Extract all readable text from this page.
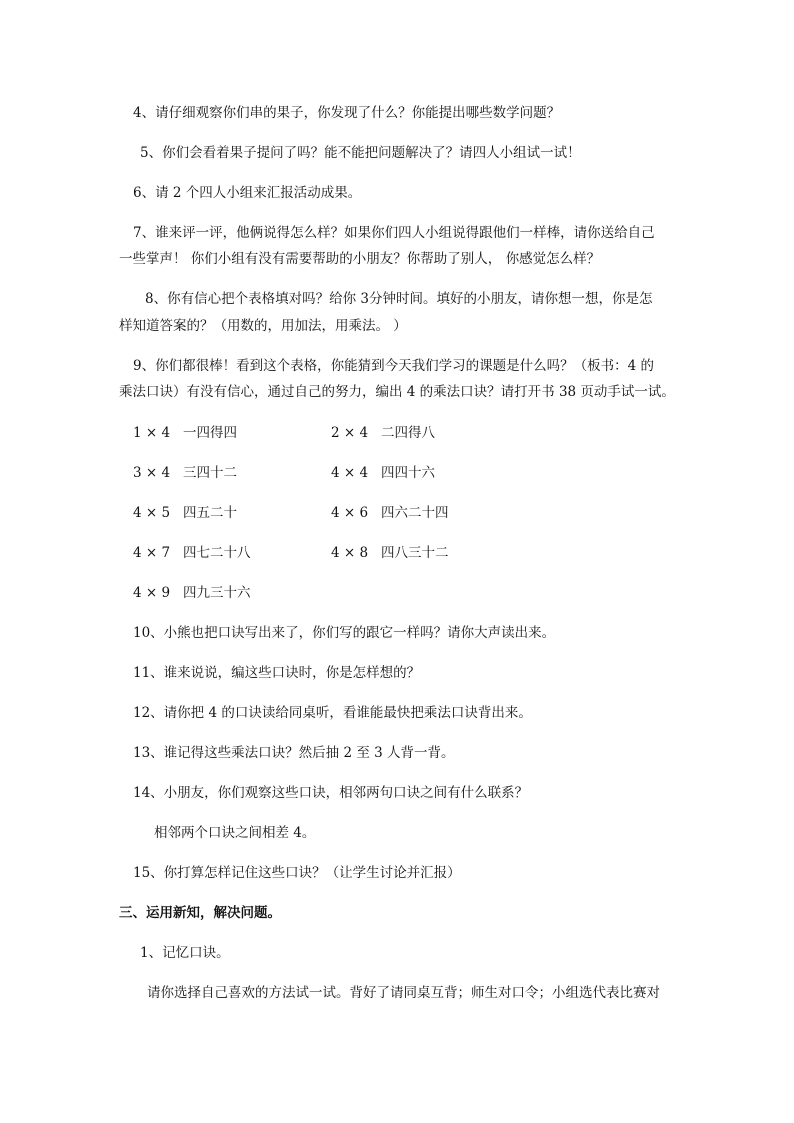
4、请仔细观察你们串的果子，你发现了什么？你能提出哪些数学问题？
5、你们会看着果子提问了吗？能不能把问题解决了？请四人小组试一试！
6、请 2 个四人小组来汇报活动成果。
7、谁来评一评，他俩说得怎么样？如果你们四人小组说得跟他们一样棒，请你送给自己
一些掌声！ 你们小组有没有需要帮助的小朋友？你帮助了别人， 你感觉怎么样？
8、你有信心把个表格填对吗？给你 3分钟时间。填好的小朋友，请你想一想，你是怎
样知道答案的？（用数的，用加法，用乘法。 ）
9、你们都很棒！看到这个表格，你能猜到今天我们学习的课题是什么吗？（板书：4 的
乘法口诀）有没有信心，通过自己的努力，编出 4 的乘法口诀？请打开书 38 页动手试一试。
1 × 4 一四得四	2 × 4 二四得八
3 × 4 三四十二	4 × 4 四四十六
4 × 5 四五二十	4 × 6 四六二十四
4 × 7 四七二十八	4 × 8 四八三十二
4 × 9 四九三十六
10、小熊也把口诀写出来了，你们写的跟它一样吗？请你大声读出来。
11、谁来说说，编这些口诀时，你是怎样想的？
12、请你把 4 的口诀读给同桌听，看谁能最快把乘法口诀背出来。
13、谁记得这些乘法口诀？然后抽 2 至 3 人背一背。
14、小朋友，你们观察这些口诀，相邻两句口诀之间有什么联系？
相邻两个口诀之间相差 4。
15、你打算怎样记住这些口诀？（让学生讨论并汇报）
三、运用新知，解决问题。
1、记忆口诀。
请你选择自己喜欢的方法试一试。背好了请同桌互背；师生对口令；小组选代表比赛对
